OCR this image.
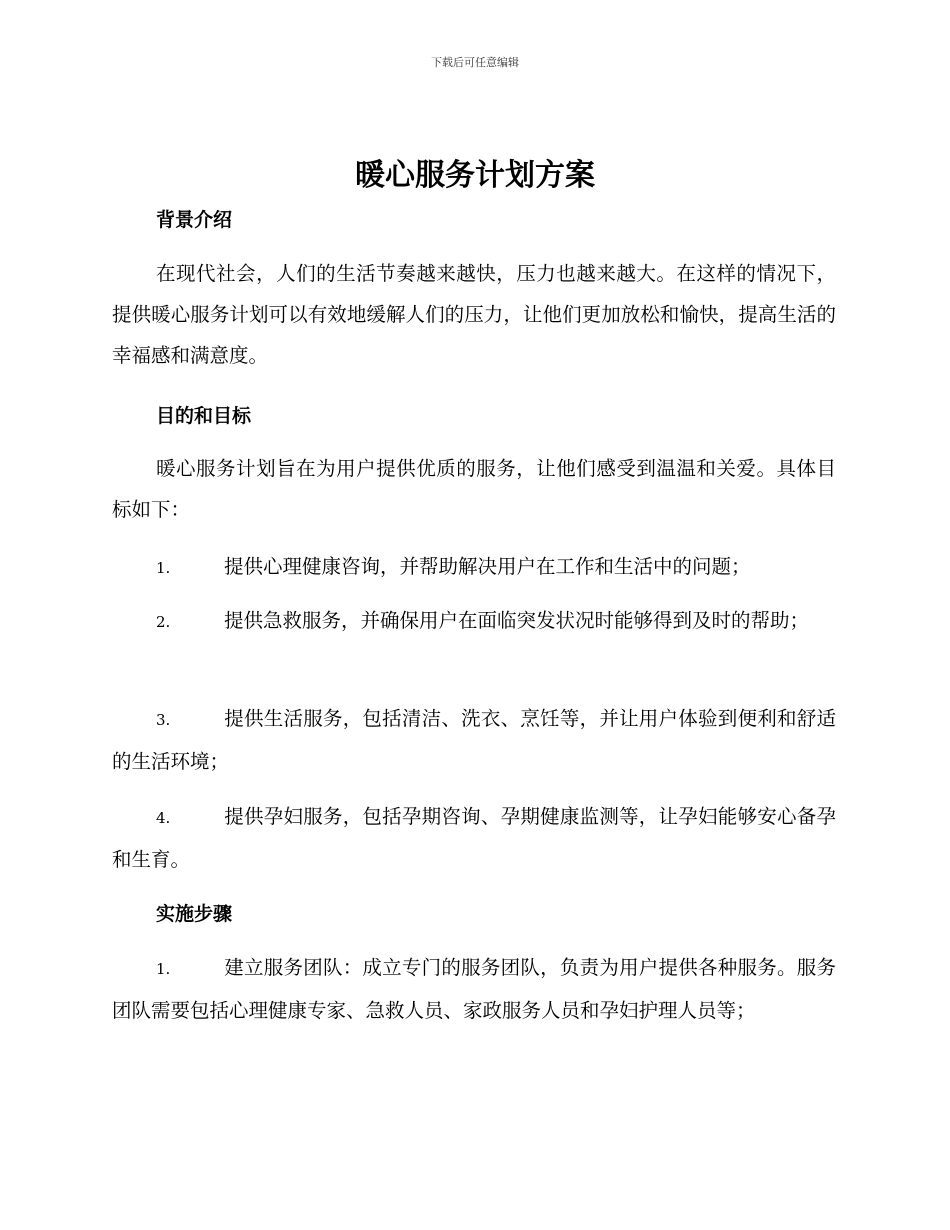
下载后可任意编辑
暖心服务计划方案
背景介绍

在现代社会，人们的生活节奏越来越快，压力也越来越大。在这样的情况下，提供暖心服务计划可以有效地缓解人们的压力，让他们更加放松和愉快，提高生活的幸福感和满意度。

目的和目标

暖心服务计划旨在为用户提供优质的服务，让他们感受到温温和关爱。具体目标如下：

1.	提供心理健康咨询，并帮助解决用户在工作和生活中的问题；

2.	提供急救服务，并确保用户在面临突发状况时能够得到及时的帮助；

3.	提供生活服务，包括清洁、洗衣、烹饪等，并让用户体验到便利和舒适的生活环境；

4.	提供孕妇服务，包括孕期咨询、孕期健康监测等，让孕妇能够安心备孕和生育。

实施步骤

1.	建立服务团队：成立专门的服务团队，负责为用户提供各种服务。服务团队需要包括心理健康专家、急救人员、家政服务人员和孕妇护理人员等；
